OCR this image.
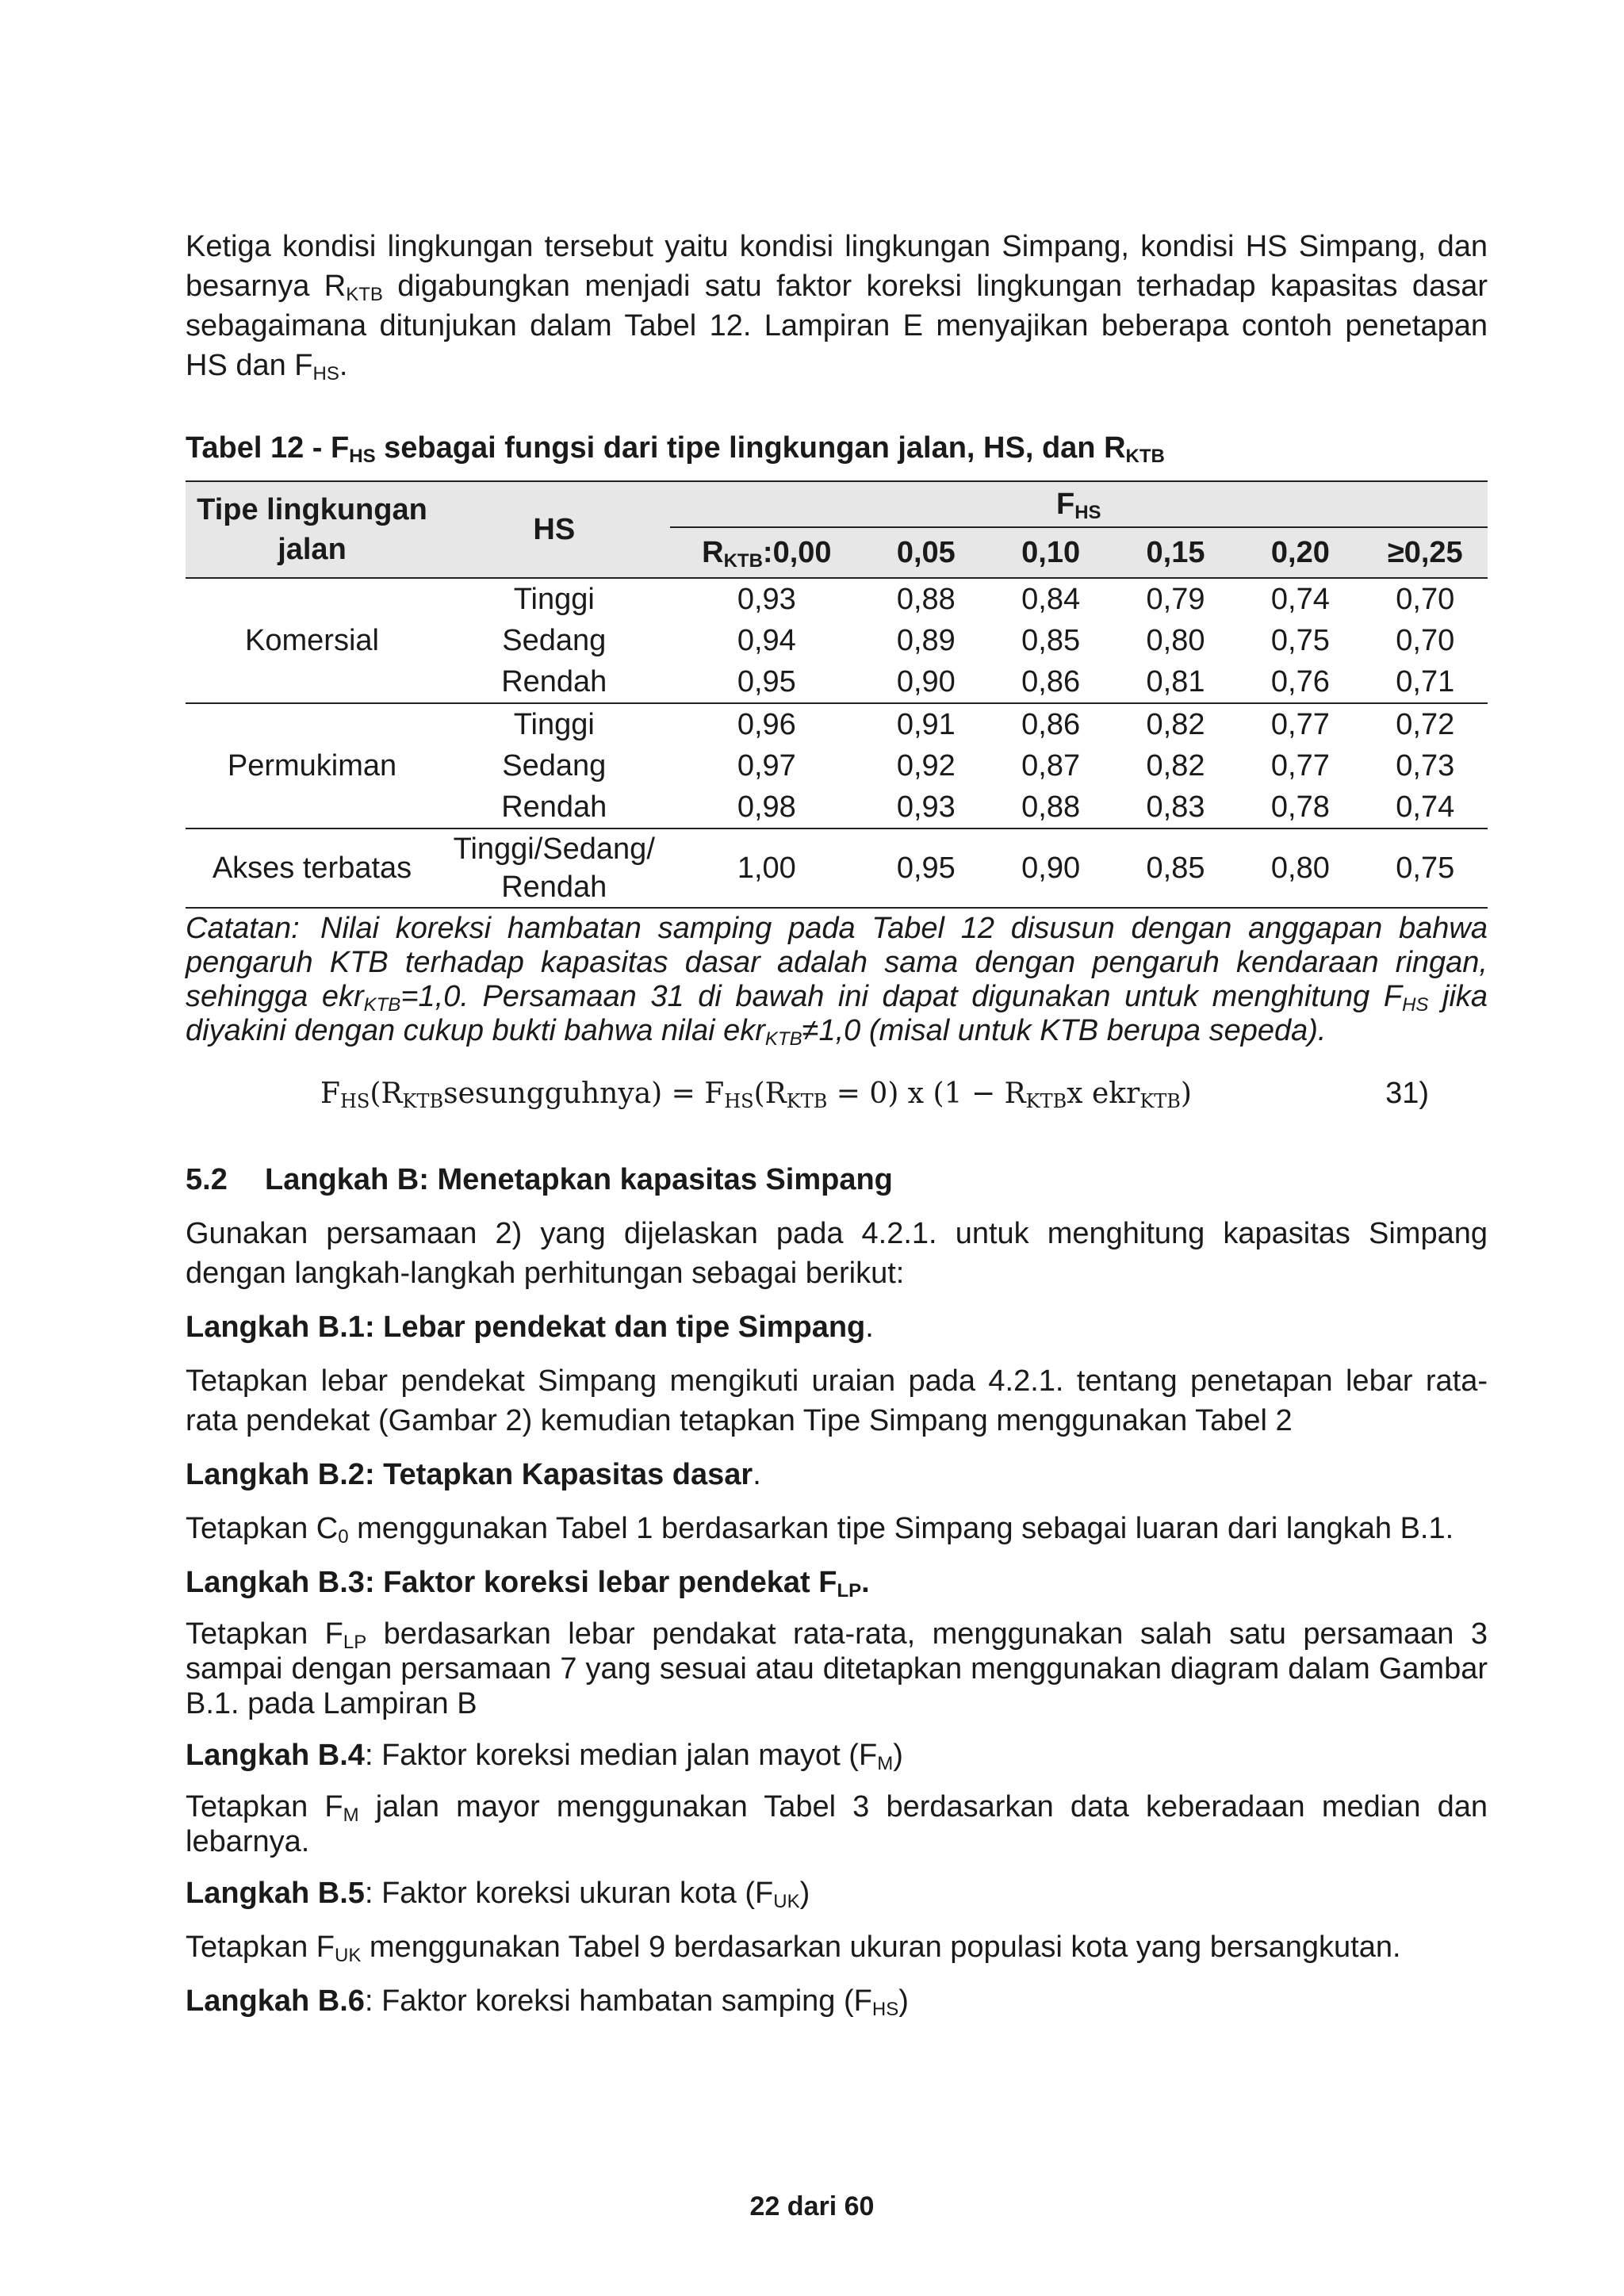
Ketiga kondisi lingkungan tersebut yaitu kondisi lingkungan Simpang, kondisi HS Simpang, dan besarnya $R_{KTB}$ digabungkan menjadi satu faktor koreksi lingkungan terhadap kapasitas dasar sebagaimana ditunjukan dalam Tabel 12. Lampiran E menyajikan beberapa contoh penetapan HS dan $F_{HS}$.

Tabel $12 - F_{HS}$ sebagai fungsi dari tipe lingkungan jalan, HS, dan $R_{KTB}$

Tipe lingkungan jalan	HS	$F_{HS}$
		$R_{KTB}:0,00$	0,05	0,10	0,15	0,20	≥0,25
Komersial	Tinggi	0,93	0,88	0,84	0,79	0,74	0,70
	Sedang	0,94	0,89	0,85	0,80	0,75	0,70
	Rendah	0,95	0,90	0,86	0,81	0,76	0,71
Permukiman	Tinggi	0,96	0,91	0,86	0,82	0,77	0,72
	Sedang	0,97	0,92	0,87	0,82	0,77	0,73
	Rendah	0,98	0,93	0,88	0,83	0,78	0,74
Akses terbatas	Tinggi/Sedang/ Rendah	1,00	0,95	0,90	0,85	0,80	0,75

Catatan: Nilai koreksi hambatan samping pada Tabel 12 disusun dengan anggapan bahwa pengaruh KTB terhadap kapasitas dasar adalah sama dengan pengaruh kendaraan ringan, sehingga ekr$_{KTB}$=1,0. Persamaan 31 di bawah ini dapat digunakan untuk menghitung $F_{HS}$ jika diyakini dengan cukup bukti bahwa nilai ekr$_{KTB}$≠1,0 (misal untuk KTB berupa sepeda).

$F_{HS}(R_{KTB}sesungguhnya) = F_{HS}(R_{KTB} = 0)$ x ($1 - R_{KTB}x$ ekr$_{KTB}$)	31)
5.2 Langkah B: Menetapkan kapasitas Simpang

Gunakan persamaan 2) yang dijelaskan pada 4.2.1. untuk menghitung kapasitas Simpang dengan langkah-langkah perhitungan sebagai berikut:

Langkah B.1: Lebar pendekat dan tipe Simpang.

Tetapkan lebar pendekat Simpang mengikuti uraian pada 4.2.1. tentang penetapan lebar rata-rata pendekat (Gambar 2) kemudian tetapkan Tipe Simpang menggunakan Tabel 2

Langkah B.2: Tetapkan Kapasitas dasar.

Tetapkan $C_0$ menggunakan Tabel 1 berdasarkan tipe Simpang sebagai luaran dari langkah B.1.

Langkah B.3: Faktor koreksi lebar pendekat $F_{LP}$.

Tetapkan $F_{LP}$ berdasarkan lebar pendakat rata-rata, menggunakan salah satu persamaan 3 sampai dengan persamaan 7 yang sesuai atau ditetapkan menggunakan diagram dalam Gambar B.1. pada Lampiran B

Langkah B.4: Faktor koreksi median jalan mayot $(F_M)$

Tetapkan $F_M$ jalan mayor menggunakan Tabel 3 berdasarkan data keberadaan median dan lebarnya.

Langkah B.5: Faktor koreksi ukuran kota $(F_{UK})$

Tetapkan $F_{UK}$ menggunakan Tabel 9 berdasarkan ukuran populasi kota yang bersangkutan.

Langkah B.6: Faktor koreksi hambatan samping $(F_{HS})$

22 dari 60
